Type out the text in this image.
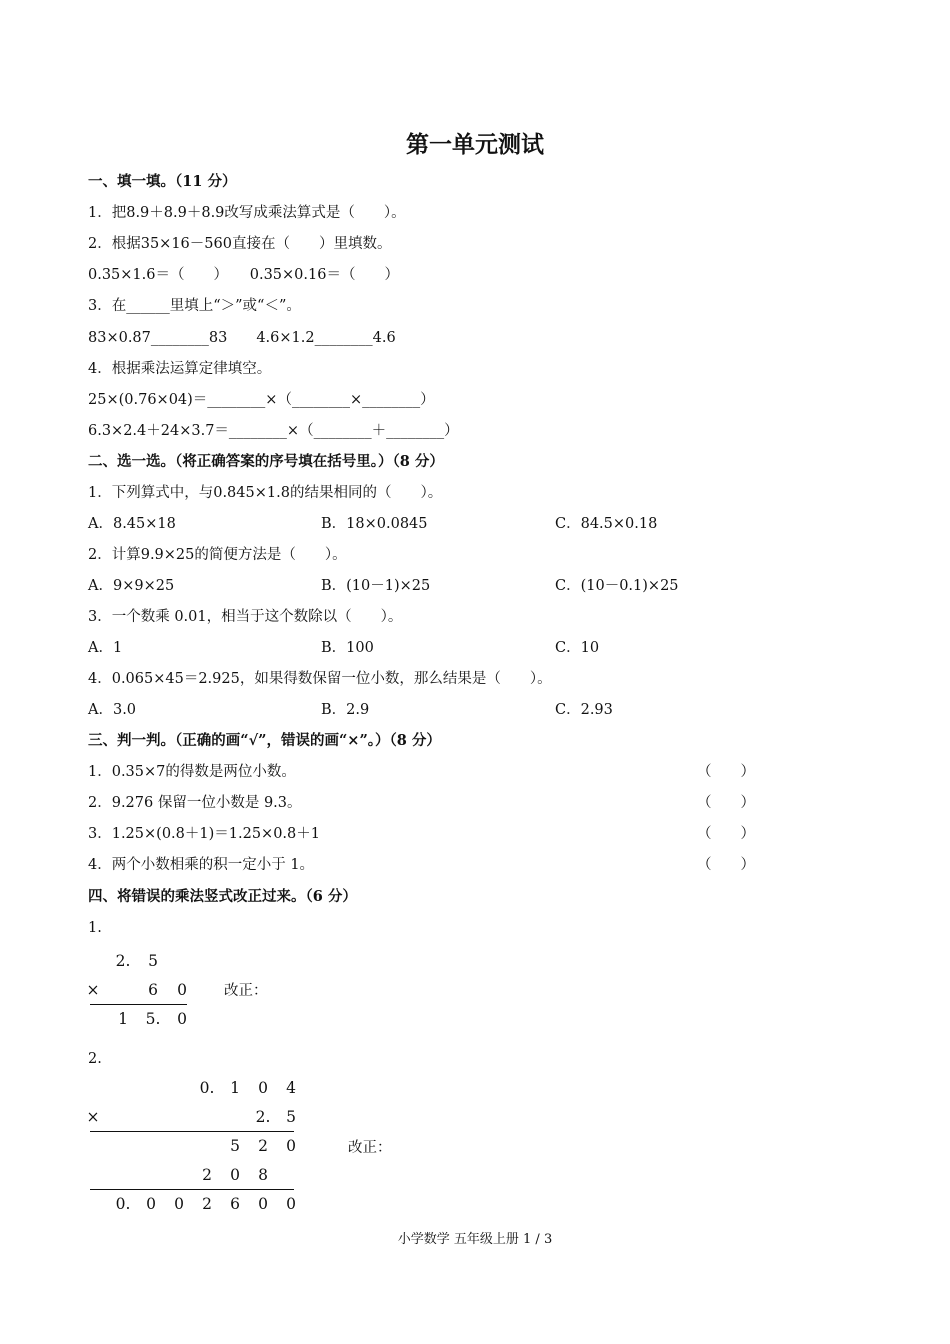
第一单元测试
一、填一填。（11 分）
1．把8.9＋8.9＋8.9改写成乘法算式是（　　）。
2．根据35×16－560直接在（　　）里填数。
0.35×1.6＝（　　）　　0.35×0.16＝（　　）
3．在______里填上“＞”或“＜”。
83×0.87________83　　4.6×1.2________4.6
4．根据乘法运算定律填空。
25×(0.76×04)＝________×（________×________）
6.3×2.4＋24×3.7＝________×（________＋________）
二、选一选。（将正确答案的序号填在括号里。）（8 分）
1．下列算式中，与0.845×1.8的结果相同的（　　）。
A．8.45×18	B．18×0.0845	C．84.5×0.18
2．计算9.9×25的简便方法是（　　）。
A．9×9×25	B．(10－1)×25	C．(10－0.1)×25
3．一个数乘 0.01，相当于这个数除以（　　）。
A．1	B．100	C．10
4．0.065×45＝2.925，如果得数保留一位小数，那么结果是（　　）。
A．3.0	B．2.9	C．2.93
三、判一判。（正确的画“√”，错误的画“×”。）（8 分）
1．0.35×7的得数是两位小数。	（　　）
2．9.276 保留一位小数是 9.3。	（　　）
3．1.25×(0.8＋1)＝1.25×0.8＋1	（　　）
4．两个小数相乘的积一定小于 1。	（　　）
四、将错误的乘法竖式改正过来。（6 分）
1.
2. 5
×	6 0
1 5. 0
改正：
2.
0. 1 0 4
×	2. 5
5 2 0
2 0 8
0. 0 0 2 6 0 0
改正：
小学数学 五年级上册 1 / 3
